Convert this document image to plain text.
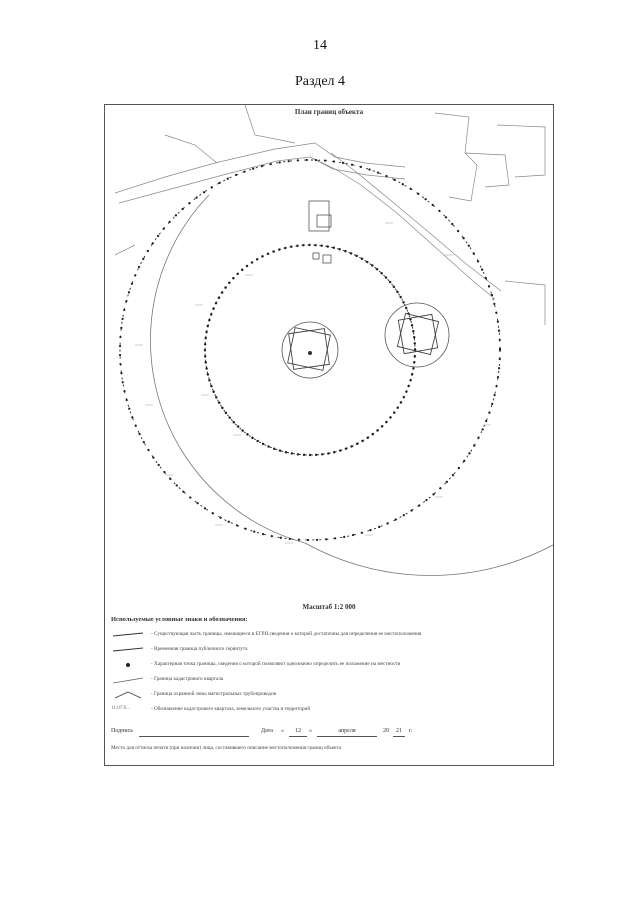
14
Раздел 4
План границ объекта
Масштаб 1:2 000
Используемые условные знаки и обозначения:
- Существующая часть границы, имеющиеся в ЕГРН сведения о которой достаточны для определения ее местоположения
- Временная граница публичного сервитута
- Характерная точка границы, сведения о которой позволяют однозначно определить ее положение на местности
- Граница кадастрового квартала
- Граница охранной зоны магистральных трубопроводов
11:07:0...	- Обозначение кадастрового квартала, земельного участка и территорий
Подпись	Дата «	12	»	апреля	20	21	г.
Место для оттиска печати (при наличии) лица, составившего описание местоположения границ объекта
